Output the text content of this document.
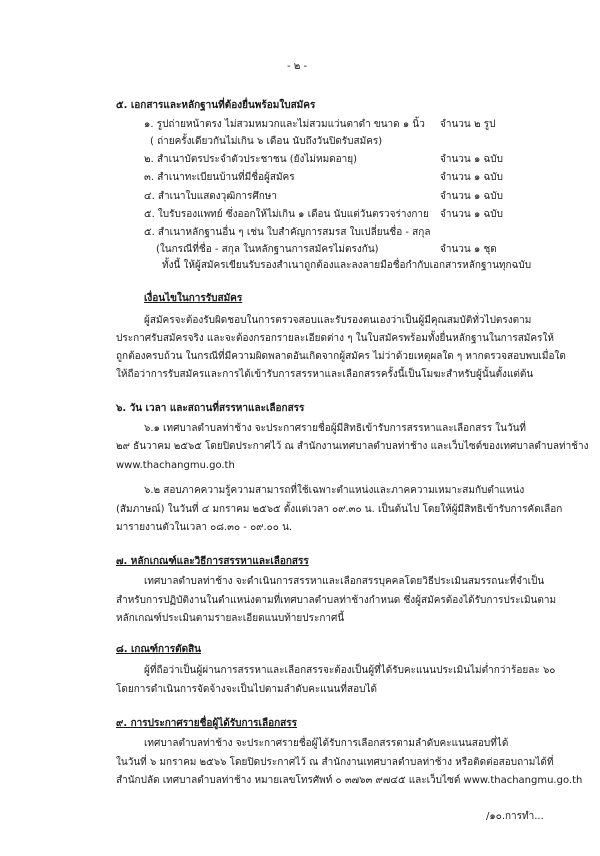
- ๒ -
๕. เอกสารและหลักฐานที่ต้องยื่นพร้อมใบสมัคร
๑. รูปถ่ายหน้าตรง ไม่สวมหมวกและไม่สวมแว่นตาดำ ขนาด ๑ นิ้ว จำนวน ๒ รูป
( ถ่ายครั้งเดียวกันไม่เกิน ๖ เดือน นับถึงวันปิดรับสมัคร)
๒. สำเนาบัตรประจำตัวประชาชน (ยังไม่หมดอายุ)	จำนวน ๑ ฉบับ
๓. สำเนาทะเบียนบ้านที่มีชื่อผู้สมัคร	จำนวน ๑ ฉบับ
๔. สำเนาใบแสดงวุฒิการศึกษา	จำนวน ๑ ฉบับ
๕. ใบรับรองแพทย์ ซึ่งออกให้ไม่เกิน ๑ เดือน นับแต่วันตรวจร่างกาย จำนวน ๑ ฉบับ
๕. สำเนาหลักฐานอื่น ๆ เช่น ใบสำคัญการสมรส ใบเปลี่ยนชื่อ - สกุล
(ในกรณีที่ชื่อ - สกุล ในหลักฐานการสมัครไม่ตรงกัน)	จำนวน ๑ ชุด
ทั้งนี้ ให้ผู้สมัครเขียนรับรองสำเนาถูกต้องและลงลายมือชื่อกำกับเอกสารหลักฐานทุกฉบับ
เงื่อนไขในการรับสมัคร
ผู้สมัครจะต้องรับผิดชอบในการตรวจสอบและรับรองตนเองว่าเป็นผู้มีคุณสมบัติทั่วไปตรงตาม
ประกาศรับสมัครจริง และจะต้องกรอกรายละเอียดต่าง ๆ ในใบสมัครพร้อมทั้งยื่นหลักฐานในการสมัครให้
ถูกต้องครบถ้วน ในกรณีที่มีความผิดพลาดอันเกิดจากผู้สมัคร ไม่ว่าด้วยเหตุผลใด ๆ หากตรวจสอบพบเมื่อใด
ให้ถือว่าการรับสมัครและการได้เข้ารับการสรรหาและเลือกสรรครั้งนี้เป็นโมฆะสำหรับผู้นั้นตั้งแต่ต้น
๖. วัน เวลา และสถานที่สรรหาและเลือกสรร
๖.๑ เทศบาลตำบลท่าช้าง จะประกาศรายชื่อผู้มีสิทธิเข้ารับการสรรหาและเลือกสรร ในวันที่
๒๙ ธันวาคม ๒๕๖๕ โดยปิดประกาศไว้ ณ สำนักงานเทศบาลตำบลท่าช้าง และเว็บไซต์ของเทศบาลตำบลท่าช้าง
www.thachangmu.go.th
๖.๒ สอบภาคความรู้ความสามารถที่ใช้เฉพาะตำแหน่งและภาคความเหมาะสมกับตำแหน่ง
(สัมภาษณ์) ในวันที่ ๔ มกราคม ๒๕๖๕ ตั้งแต่เวลา ๐๙.๓๐ น. เป็นต้นไป โดยให้ผู้มีสิทธิเข้ารับการคัดเลือก
มารายงานตัวในเวลา ๐๘.๓๐ - ๐๙.๐๐ น.
๗. หลักเกณฑ์และวิธีการสรรหาและเลือกสรร
เทศบาลตำบลท่าช้าง จะดำเนินการสรรหาและเลือกสรรบุคคลโดยวิธีประเมินสมรรถนะที่จำเป็น
สำหรับการปฏิบัติงานในตำแหน่งตามที่เทศบาลตำบลท่าช้างกำหนด ซึ่งผู้สมัครต้องได้รับการประเมินตาม
หลักเกณฑ์ประเมินตามรายละเอียดแนบท้ายประกาศนี้
๘. เกณฑ์การตัดสิน
ผู้ที่ถือว่าเป็นผู้ผ่านการสรรหาและเลือกสรรจะต้องเป็นผู้ที่ได้รับคะแนนประเมินไม่ต่ำกว่าร้อยละ ๖๐
โดยการดำเนินการจัดจ้างจะเป็นไปตามลำดับคะแนนที่สอบได้
๙. การประกาศรายชื่อผู้ได้รับการเลือกสรร
เทศบาลตำบลท่าช้าง จะประกาศรายชื่อผู้ได้รับการเลือกสรรตามลำดับคะแนนสอบที่ได้
ในวันที่ ๖ มกราคม ๒๕๖๖ โดยปิดประกาศไว้ ณ สำนักงานเทศบาลตำบลท่าช้าง หรือติดต่อสอบถามได้ที่
สำนักปลัด เทศบาลตำบลท่าช้าง หมายเลขโทรศัพท์ ๐ ๓๗๖๓ ๙๗๔๕ และเว็บไซต์ www.thachangmu.go.th
/๑๐.การทำ...
